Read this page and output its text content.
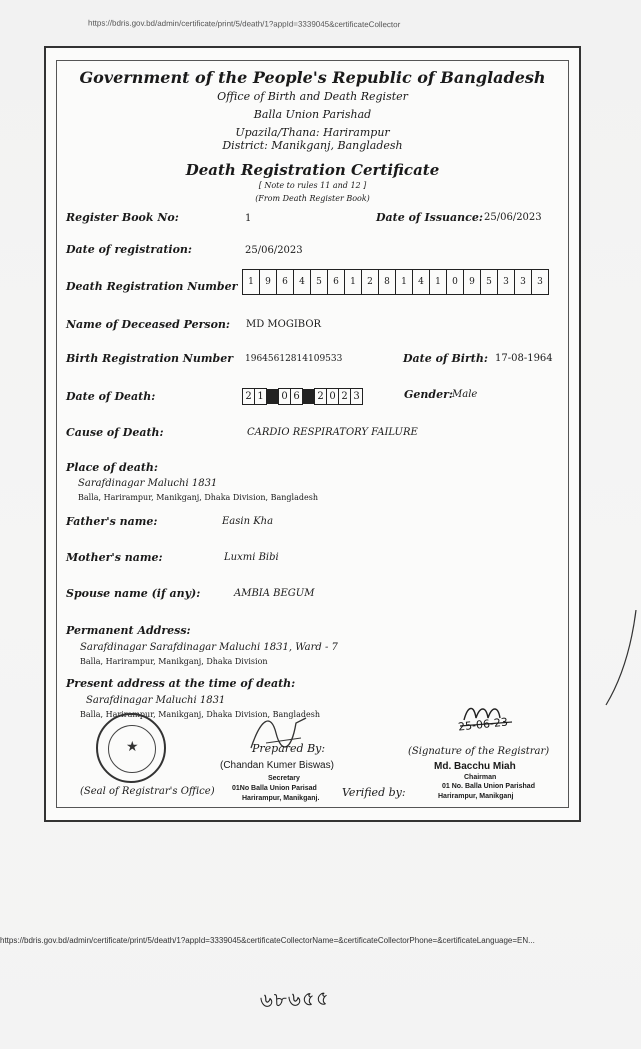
https://bdris.gov.bd/admin/certificate/print/5/death/1?appId=3339045&certificateCollector
Government of the People's Republic of Bangladesh
Office of Birth and Death Register
Balla Union Parishad
Upazila/Thana: Harirampur
District: Manikganj, Bangladesh
Death Registration Certificate
[ Note to rules 11 and 12 ]
(From Death Register Book)
Register Book No:	1	Date of Issuance: 25/06/2023
Date of registration:	25/06/2023
Death Registration Number	1	9	6	4	5	6	1	2	8	1	4	1	0	9	5	3	3	3
Name of Deceased Person: MD MOGIBOR
Birth Registration Number 19645612814109533	Date of Birth: 17-08-1964
Date of Death:	2 1 0 6 2 0 2 3	Gender: Male
Cause of Death:	CARDIO RESPIRATORY FAILURE
Place of death:
Sarafdinagar Maluchi 1831
Balla, Harirampur, Manikganj, Dhaka Division, Bangladesh
Father's name:	Easin Kha
Mother's name:	Luxmi Bibi
Spouse name (if any):	AMBIA BEGUM
Permanent Address:
Sarafdinagar Sarafdinagar Maluchi 1831, Ward - 7
Balla, Harirampur, Manikganj, Dhaka Division
Present address at the time of death:
Sarafdinagar Maluchi 1831
Balla, Harirampur, Manikganj, Dhaka Division, Bangladesh
Prepared By:
(Chandan Kumer Biswas)
Secretary
01No Balla Union Parisad
Harirampur, Manikganj.
★
(Seal of Registrar's Office)	Verified by:
25-06-23
(Signature of the Registrar)
Md. Bacchu Miah
Chairman
01 No. Balla Union Parishad
Harirampur, Manikganj
https://bdris.gov.bd/admin/certificate/print/5/death/1?appId=3339045&certificateCollectorName=&certificateCollectorPhone=&certificateLanguage=EN...
৬৮৬৫৫
